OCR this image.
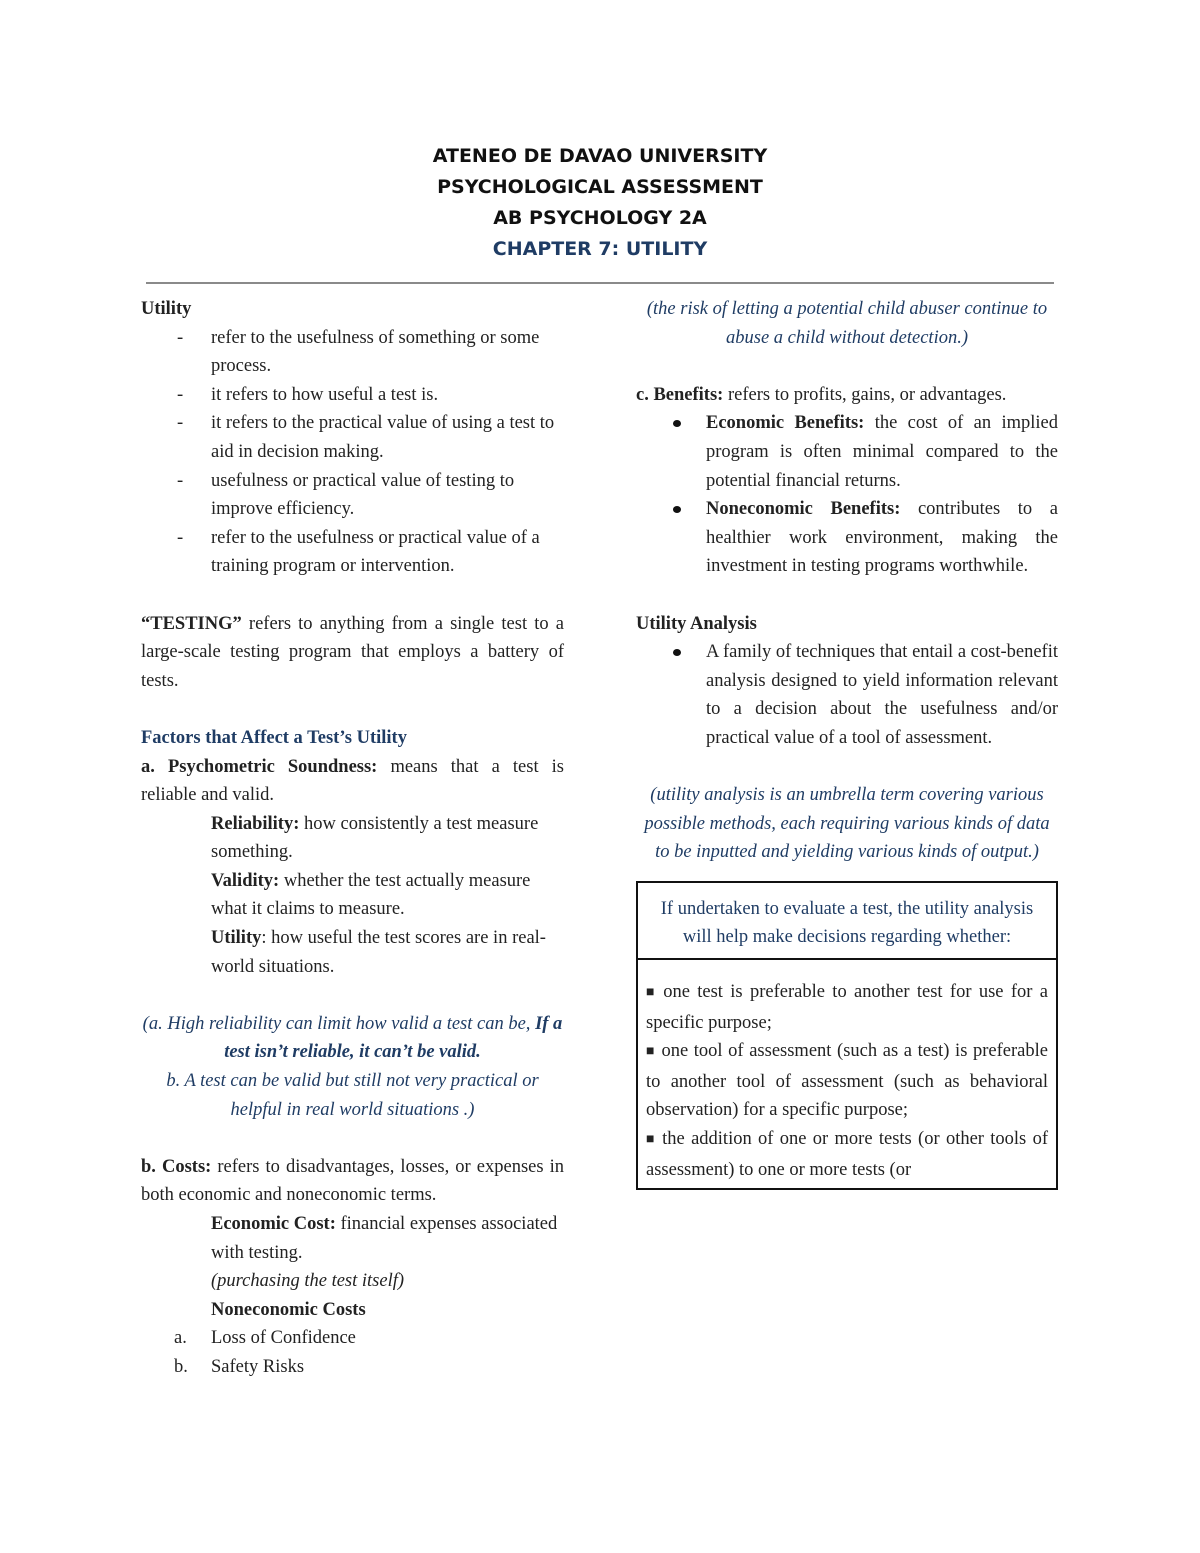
ATENEO DE DAVAO UNIVERSITY
PSYCHOLOGICAL ASSESSMENT
AB PSYCHOLOGY 2A
CHAPTER 7: UTILITY
Utility
- refer to the usefulness of something or some process.
- it refers to how useful a test is.
- it refers to the practical value of using a test to aid in decision making.
- usefulness or practical value of testing to improve efficiency.
- refer to the usefulness or practical value of a training program or intervention.
“TESTING” refers to anything from a single test to a large-scale testing program that employs a battery of tests.
Factors that Affect a Test’s Utility
a. Psychometric Soundness: means that a test is reliable and valid.
Reliability: how consistently a test measure something.
Validity: whether the test actually measure what it claims to measure.
Utility: how useful the test scores are in real-world situations.
(a. High reliability can limit how valid a test can be, If a test isn’t reliable, it can’t be valid.
b. A test can be valid but still not very practical or helpful in real world situations .)
b. Costs: refers to disadvantages, losses, or expenses in both economic and noneconomic terms.
Economic Cost: financial expenses associated with testing.
(purchasing the test itself)
Noneconomic Costs
a. Loss of Confidence
b. Safety Risks
(the risk of letting a potential child abuser continue to abuse a child without detection.)
c. Benefits: refers to profits, gains, or advantages.
Economic Benefits: the cost of an implied program is often minimal compared to the potential financial returns.
Noneconomic Benefits: contributes to a healthier work environment, making the investment in testing programs worthwhile.
Utility Analysis
A family of techniques that entail a cost-benefit analysis designed to yield information relevant to a decision about the usefulness and/or practical value of a tool of assessment.
(utility analysis is an umbrella term covering various possible methods, each requiring various kinds of data to be inputted and yielding various kinds of output.)
If undertaken to evaluate a test, the utility analysis will help make decisions regarding whether:
■ one test is preferable to another test for use for a specific purpose;
■ one tool of assessment (such as a test) is preferable to another tool of assessment (such as behavioral observation) for a specific purpose;
■ the addition of one or more tests (or other tools of assessment) to one or more tests (or
